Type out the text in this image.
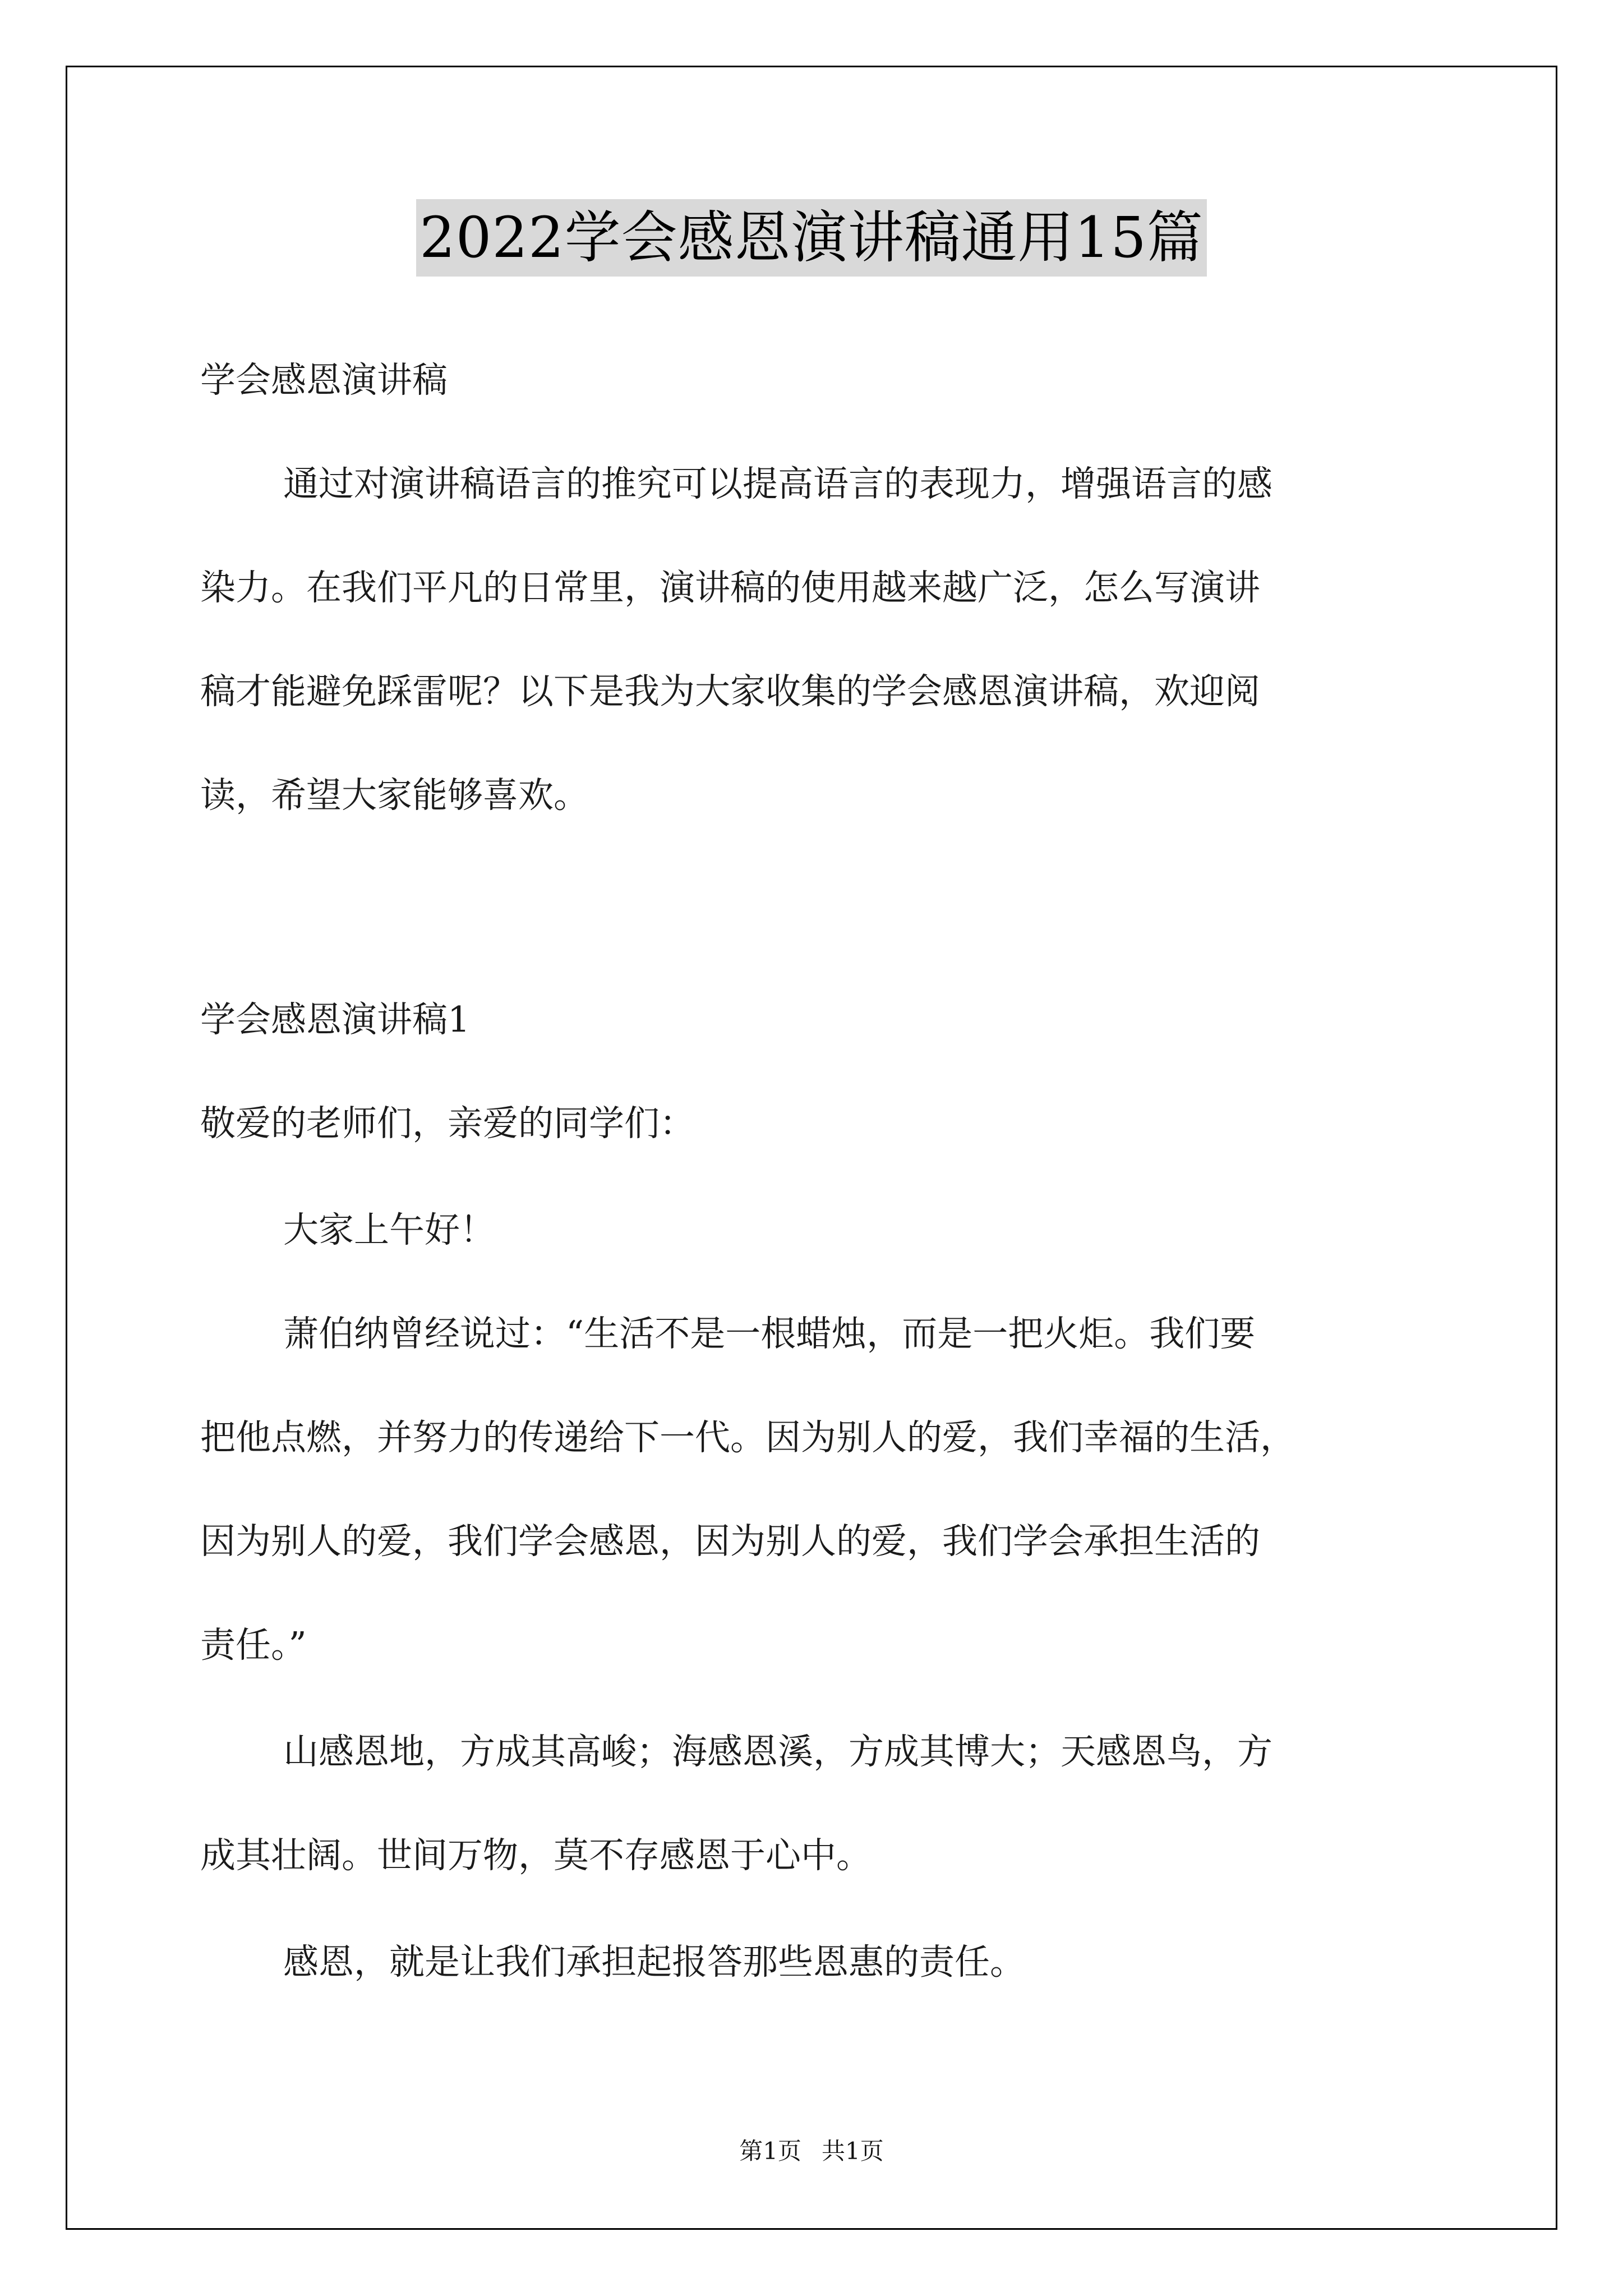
2022学会感恩演讲稿通用15篇
学会感恩演讲稿
通过对演讲稿语言的推究可以提高语言的表现力，增强语言的感
染力。在我们平凡的日常里，演讲稿的使用越来越广泛，怎么写演讲
稿才能避免踩雷呢？以下是我为大家收集的学会感恩演讲稿，欢迎阅
读，希望大家能够喜欢。
学会感恩演讲稿1
敬爱的老师们，亲爱的同学们：
大家上午好！
萧伯纳曾经说过：“生活不是一根蜡烛，而是一把火炬。我们要
把他点燃，并努力的传递给下一代。因为别人的爱，我们幸福的生活，
因为别人的爱，我们学会感恩，因为别人的爱，我们学会承担生活的
责任。”
山感恩地，方成其高峻；海感恩溪，方成其博大；天感恩鸟，方
成其壮阔。世间万物，莫不存感恩于心中。
感恩，就是让我们承担起报答那些恩惠的责任。
第1页 共1页
